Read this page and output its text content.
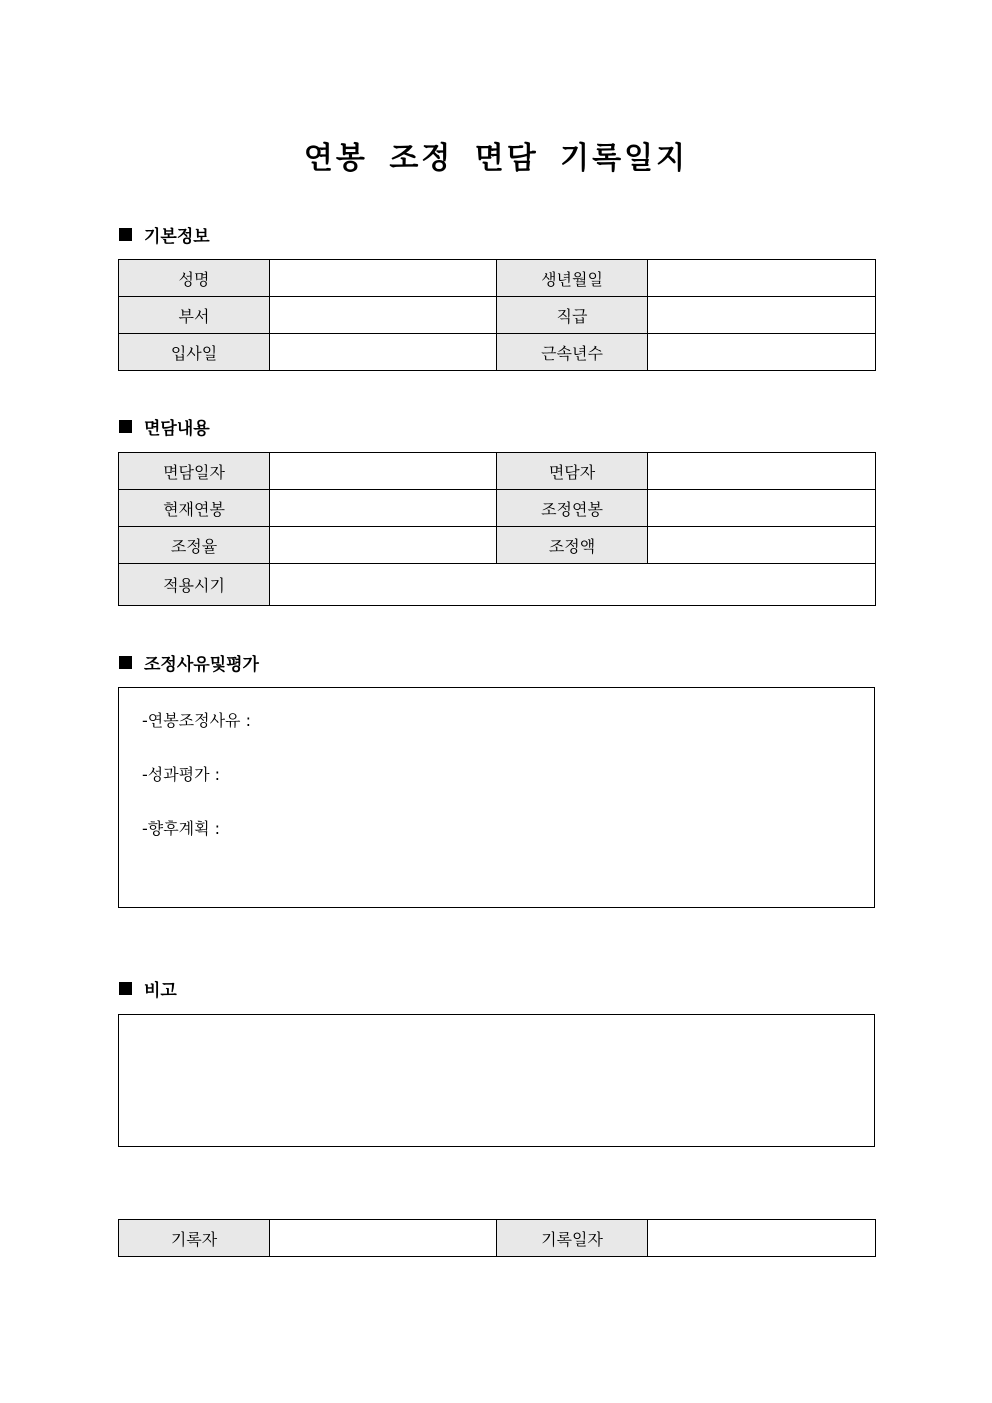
연봉 조정 면담 기록일지
기본정보
성명		생년월일	
부서		직급	
입사일		근속년수	
면담내용
면담일자		면담자	
현재연봉		조정연봉	
조정율		조정액	
적용시기			
조정사유및평가
-연봉조정사유 :
-성과평가 :
-향후계획 :
비고
기록자		기록일자	
